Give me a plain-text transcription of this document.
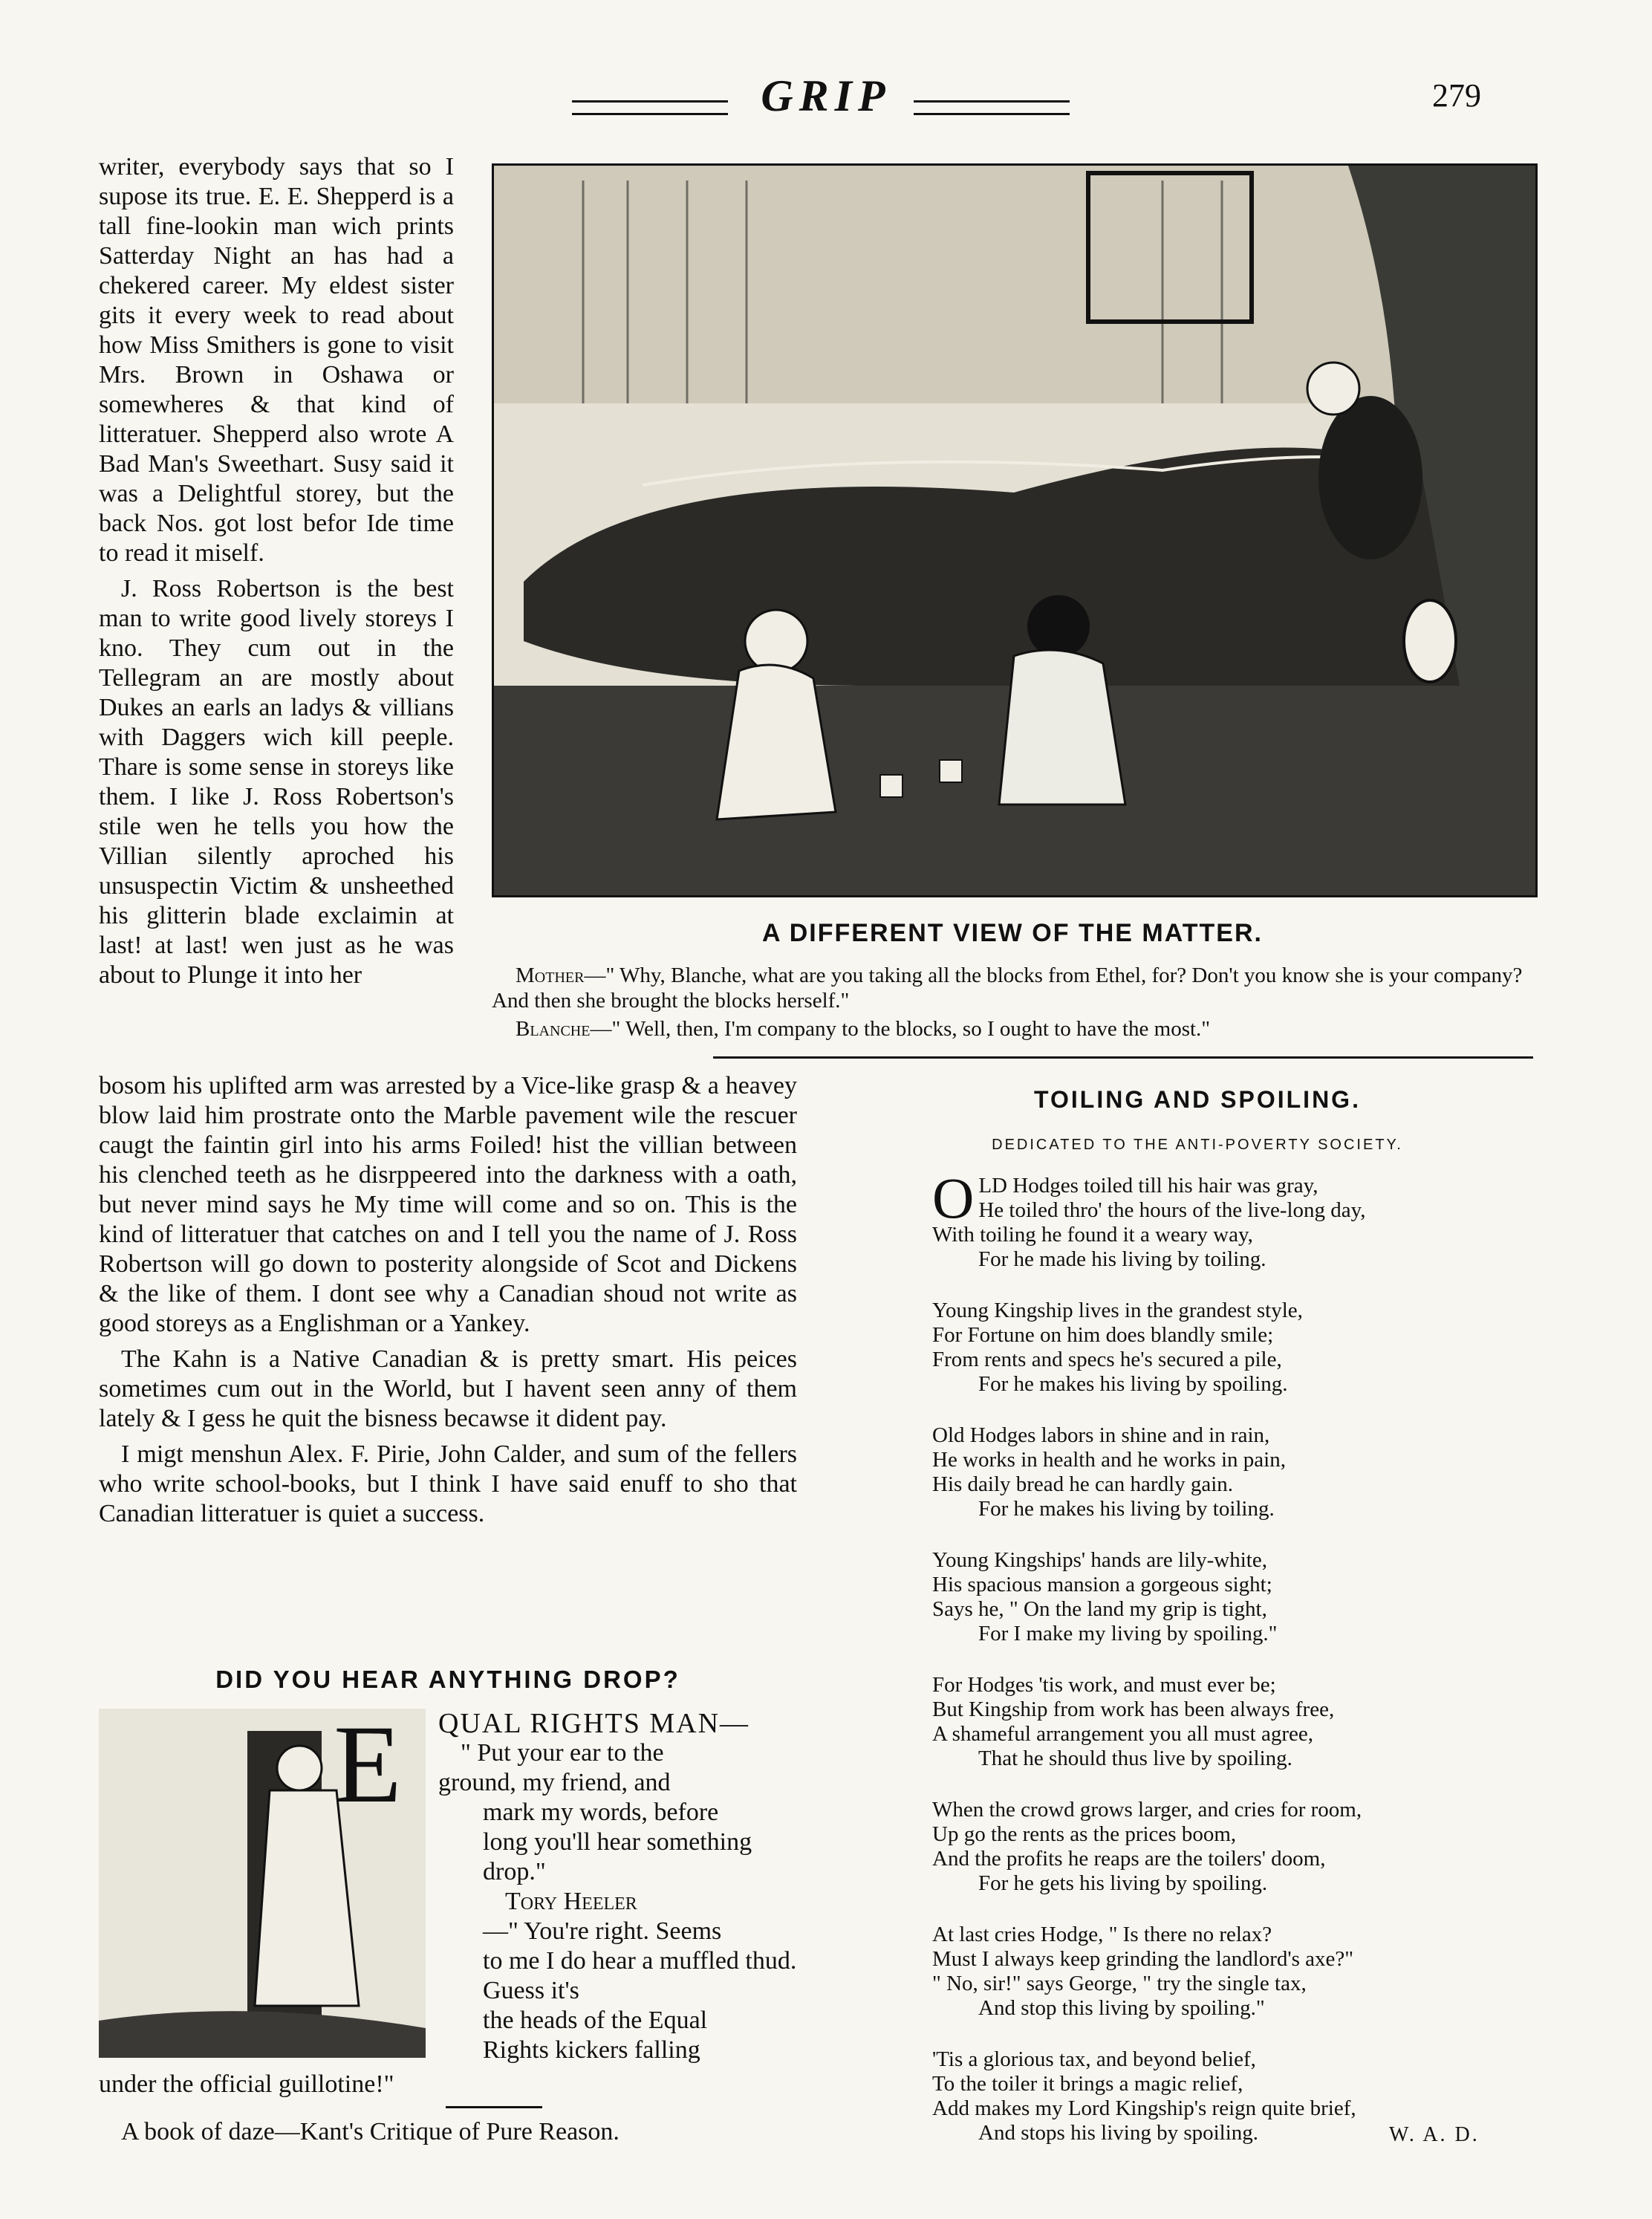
GRIP	279

writer, everybody says that so I supose its true. E. E. Shepperd is a tall fine-lookin man wich prints Satterday Night an has had a chekered career. My eldest sister gits it every week to read about how Miss Smithers is gone to visit Mrs. Brown in Oshawa or somewheres & that kind of litteratuer. Shepperd also wrote A Bad Man's Sweethart. Susy said it was a Delightful storey, but the back Nos. got lost befor Ide time to read it miself.

J. Ross Robertson is the best man to write good lively storeys I kno. They cum out in the Tellegram an are mostly about Dukes an earls an ladys & villians with Daggers wich kill peeple. Thare is some sense in storeys like them. I like J. Ross Robertson's stile wen he tells you how the Villian silently aproched his unsuspectin Victim & unsheethed his glitterin blade exclaimin at last! at last! wen just as he was about to Plunge it into her

A DIFFERENT VIEW OF THE MATTER.
Mother—" Why, Blanche, what are you taking all the blocks from Ethel, for? Don't you know she is your company? And then she brought the blocks herself."
Blanche—" Well, then, I'm company to the blocks, so I ought to have the most."

bosom his uplifted arm was arrested by a Vice-like grasp & a heavey blow laid him prostrate onto the Marble pavement wile the rescuer caugt the faintin girl into his arms Foiled! hist the villian between his clenched teeth as he disrppeered into the darkness with a oath, but never mind says he My time will come and so on. This is the kind of litteratuer that catches on and I tell you the name of J. Ross Robertson will go down to posterity alongside of Scot and Dickens & the like of them. I dont see why a Canadian shoud not write as good storeys as a Englishman or a Yankey.

The Kahn is a Native Canadian & is pretty smart. His peices sometimes cum out in the World, but I havent seen anny of them lately & I gess he quit the bisness becawse it dident pay.

I migt menshun Alex. F. Pirie, John Calder, and sum of the fellers who write school-books, but I think I have said enuff to sho that Canadian litteratuer is quiet a success.

DID YOU HEAR ANYTHING DROP?
E	QUAL RIGHTS MAN—
" Put your ear to the
ground, my friend, and
mark my words, before
long you'll hear something drop."
Tory Heeler
—" You're right. Seems
to me I do hear a muffled thud. Guess it's
the heads of the Equal
Rights kickers falling
under the official guillotine!"
A book of daze—Kant's Critique of Pure Reason.
TOILING AND SPOILING.
DEDICATED TO THE ANTI-POVERTY SOCIETY.
OLD Hodges toiled till his hair was gray,
He toiled thro' the hours of the live-long day,
With toiling he found it a weary way,
For he made his living by toiling.
Young Kingship lives in the grandest style,
For Fortune on him does blandly smile;
From rents and specs he's secured a pile,
For he makes his living by spoiling.
Old Hodges labors in shine and in rain,
He works in health and he works in pain,
His daily bread he can hardly gain.
For he makes his living by toiling.
Young Kingships' hands are lily-white,
His spacious mansion a gorgeous sight;
Says he, " On the land my grip is tight,
For I make my living by spoiling."
For Hodges 'tis work, and must ever be;
But Kingship from work has been always free,
A shameful arrangement you all must agree,
That he should thus live by spoiling.
When the crowd grows larger, and cries for room,
Up go the rents as the prices boom,
And the profits he reaps are the toilers' doom,
For he gets his living by spoiling.
At last cries Hodge, " Is there no relax?
Must I always keep grinding the landlord's axe?"
" No, sir!" says George, " try the single tax,
And stop this living by spoiling."
'Tis a glorious tax, and beyond belief,
To the toiler it brings a magic relief,
Add makes my Lord Kingship's reign quite brief,
And stops his living by spoiling.	W. A. D.
